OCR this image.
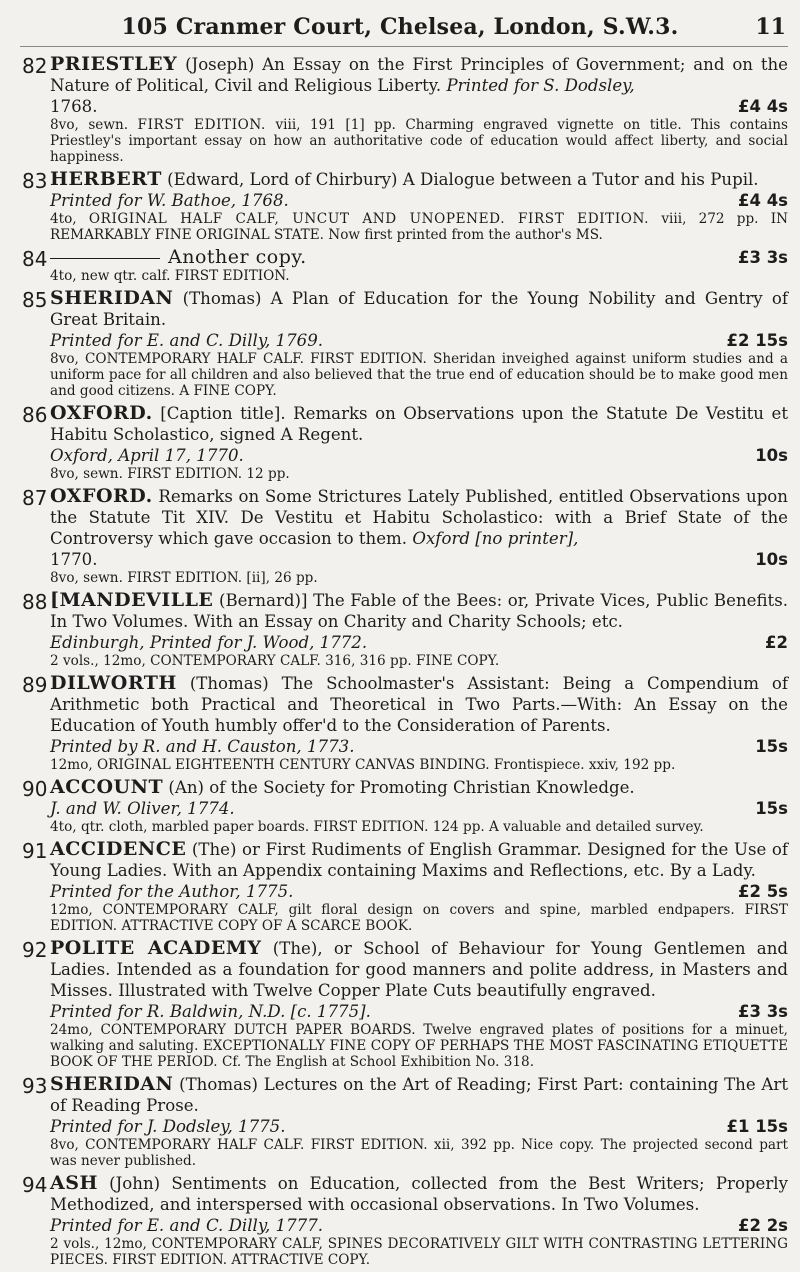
105 Cranmer Court, Chelsea, London, S.W.3.	11
82 PRIESTLEY (Joseph) An Essay on the First Principles of Government; and on the Nature of Political, Civil and Religious Liberty. Printed for S. Dodsley,
1768.	£4 4s
8vo, sewn. FIRST EDITION. viii, 191 [1] pp. Charming engraved vignette on title. This contains Priestley's important essay on how an authoritative code of education would affect liberty, and social happiness.
83 HERBERT (Edward, Lord of Chirbury) A Dialogue between a Tutor and his Pupil.
Printed for W. Bathoe, 1768.	£4 4s
4to, ORIGINAL HALF CALF, UNCUT AND UNOPENED. FIRST EDITION. viii, 272 pp. IN REMARKABLY FINE ORIGINAL STATE. Now first printed from the author's MS.
84	Another copy.	£3 3s
4to, new qtr. calf. FIRST EDITION.
85 SHERIDAN (Thomas) A Plan of Education for the Young Nobility and Gentry of Great Britain.
Printed for E. and C. Dilly, 1769.	£2 15s
8vo, CONTEMPORARY HALF CALF. FIRST EDITION. Sheridan inveighed against uniform studies and a uniform pace for all children and also believed that the true end of education should be to make good men and good citizens. A FINE COPY.
86 OXFORD. [Caption title]. Remarks on Observations upon the Statute De Vestitu et Habitu Scholastico, signed A Regent.
Oxford, April 17, 1770.	10s
8vo, sewn. FIRST EDITION. 12 pp.
87 OXFORD. Remarks on Some Strictures Lately Published, entitled Observations upon the Statute Tit XIV. De Vestitu et Habitu Scholastico: with a Brief State of the Controversy which gave occasion to them. Oxford [no printer],
1770.	10s
8vo, sewn. FIRST EDITION. [ii], 26 pp.
88 [MANDEVILLE (Bernard)] The Fable of the Bees: or, Private Vices, Public Benefits. In Two Volumes. With an Essay on Charity and Charity Schools; etc.
Edinburgh, Printed for J. Wood, 1772.	£2
2 vols., 12mo, CONTEMPORARY CALF. 316, 316 pp. FINE COPY.
89 DILWORTH (Thomas) The Schoolmaster's Assistant: Being a Compendium of Arithmetic both Practical and Theoretical in Two Parts.—With: An Essay on the Education of Youth humbly offer'd to the Consideration of Parents.
Printed by R. and H. Causton, 1773.	15s
12mo, ORIGINAL EIGHTEENTH CENTURY CANVAS BINDING. Frontispiece. xxiv, 192 pp.
90 ACCOUNT (An) of the Society for Promoting Christian Knowledge.
J. and W. Oliver, 1774.	15s
4to, qtr. cloth, marbled paper boards. FIRST EDITION. 124 pp. A valuable and detailed survey.
91 ACCIDENCE (The) or First Rudiments of English Grammar. Designed for the Use of Young Ladies. With an Appendix containing Maxims and Reflections, etc. By a Lady.
Printed for the Author, 1775.	£2 5s
12mo, CONTEMPORARY CALF, gilt floral design on covers and spine, marbled endpapers. FIRST EDITION. ATTRACTIVE COPY OF A SCARCE BOOK.
92 POLITE ACADEMY (The), or School of Behaviour for Young Gentlemen and Ladies. Intended as a foundation for good manners and polite address, in Masters and Misses. Illustrated with Twelve Copper Plate Cuts beautifully engraved.
Printed for R. Baldwin, N.D. [c. 1775].	£3 3s
24mo, CONTEMPORARY DUTCH PAPER BOARDS. Twelve engraved plates of positions for a minuet, walking and saluting. EXCEPTIONALLY FINE COPY OF PERHAPS THE MOST FASCINATING ETIQUETTE BOOK OF THE PERIOD. Cf. The English at School Exhibition No. 318.
93 SHERIDAN (Thomas) Lectures on the Art of Reading; First Part: containing The Art of Reading Prose.
Printed for J. Dodsley, 1775.	£1 15s
8vo, CONTEMPORARY HALF CALF. FIRST EDITION. xii, 392 pp. Nice copy. The projected second part was never published.
94 ASH (John) Sentiments on Education, collected from the Best Writers; Properly Methodized, and interspersed with occasional observations. In Two Volumes.
Printed for E. and C. Dilly, 1777.	£2 2s
2 vols., 12mo, CONTEMPORARY CALF, SPINES DECORATIVELY GILT WITH CONTRASTING LETTERING PIECES. FIRST EDITION. ATTRACTIVE COPY.
